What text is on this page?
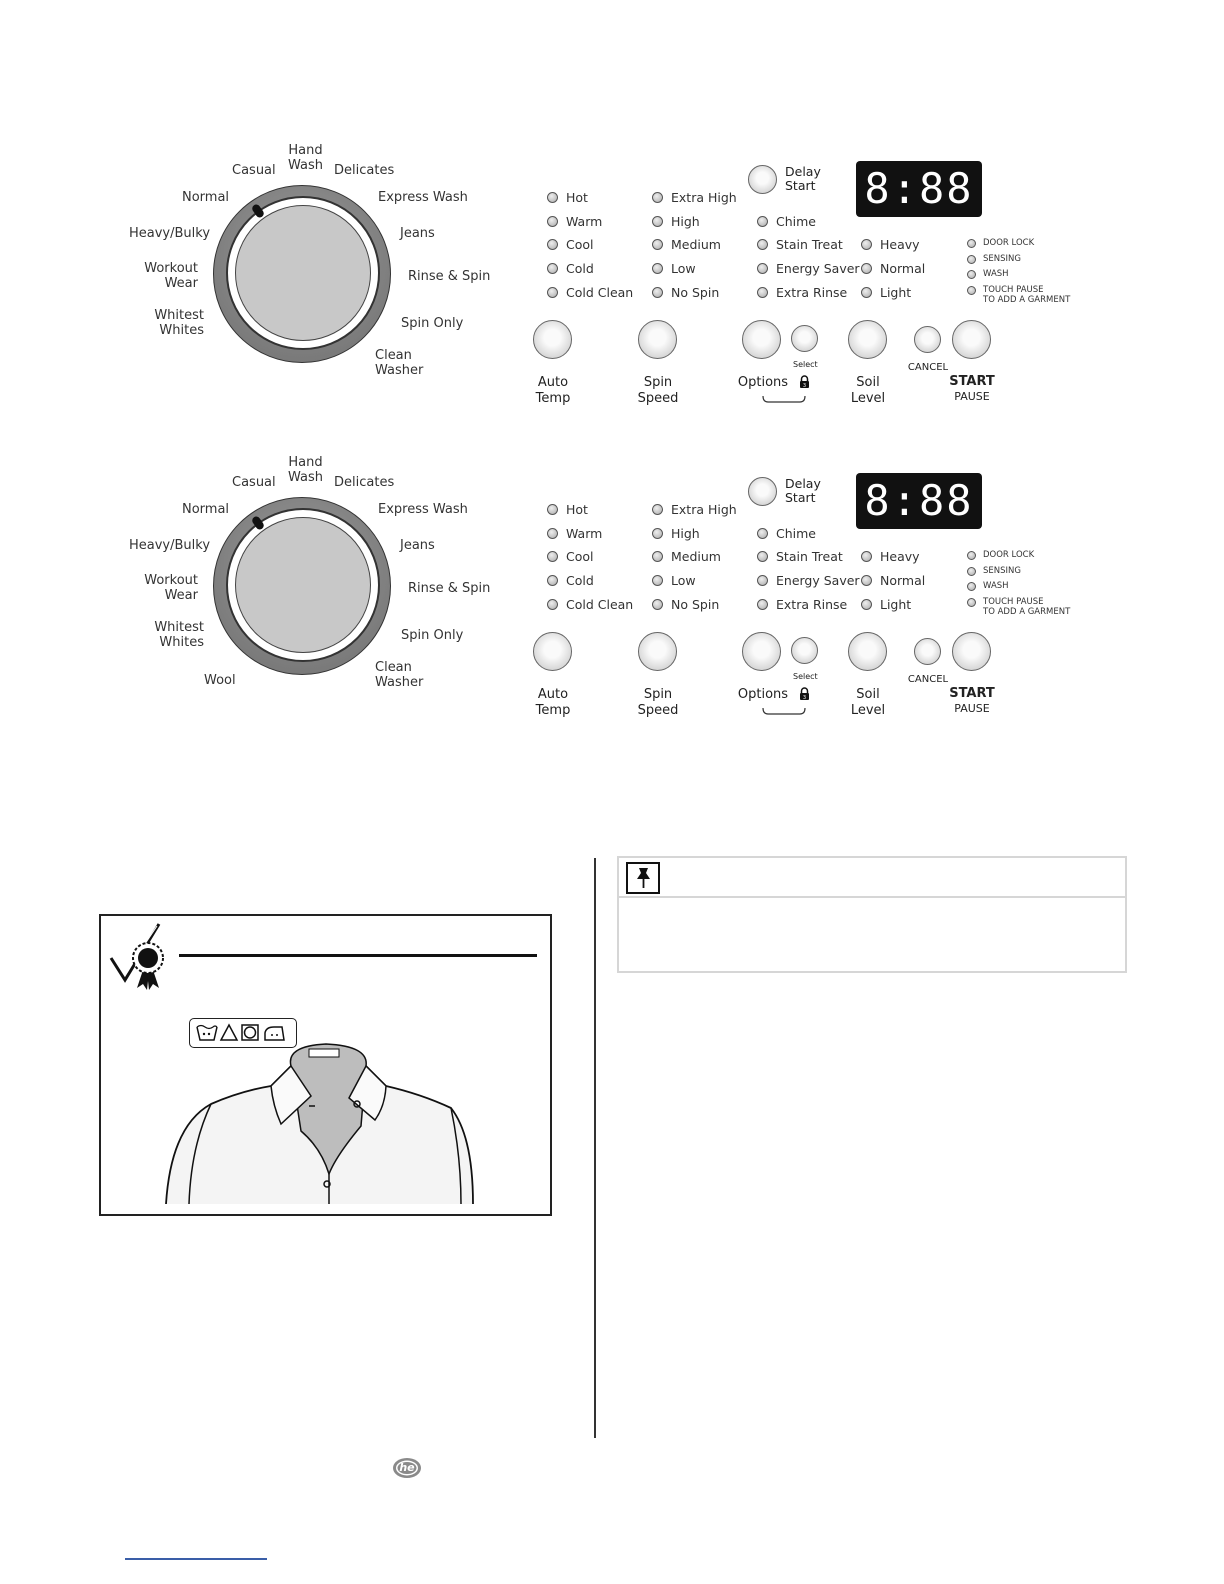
Hand
Wash
Casual	Delicates
Normal	Express Wash
Heavy/Bulky	Jeans
Workout
Wear	Rinse & Spin
Whitest
Whites	Spin Only
Clean
Washer
Hot
Warm
Cool
Cold
Cold Clean
Extra High
High
Medium
Low
No Spin
Delay
Start
Chime
Stain Treat
Energy Saver
Extra Rinse
Heavy
Normal
Light
8:88
DOOR LOCK
SENSING
WASH
TOUCH PAUSE
TO ADD A GARMENT
Auto
Temp
Spin
Speed
Select
Options	3	Soil
Level
CANCEL
START
PAUSE
Hand
Wash
Casual	Delicates
Normal	Express Wash
Heavy/Bulky	Jeans
Workout
Wear	Rinse & Spin
Whitest
Whites	Spin Only
Clean
Washer
Wool
Hot
Warm
Cool
Cold
Cold Clean
Extra High
High
Medium
Low
No Spin
Delay
Start
Chime
Stain Treat
Energy Saver
Extra Rinse
Heavy
Normal
Light
8:88
DOOR LOCK
SENSING
WASH
TOUCH PAUSE
TO ADD A GARMENT
Auto
Temp
Spin
Speed
Select
Options	3	Soil
Level
CANCEL
START
PAUSE
he
